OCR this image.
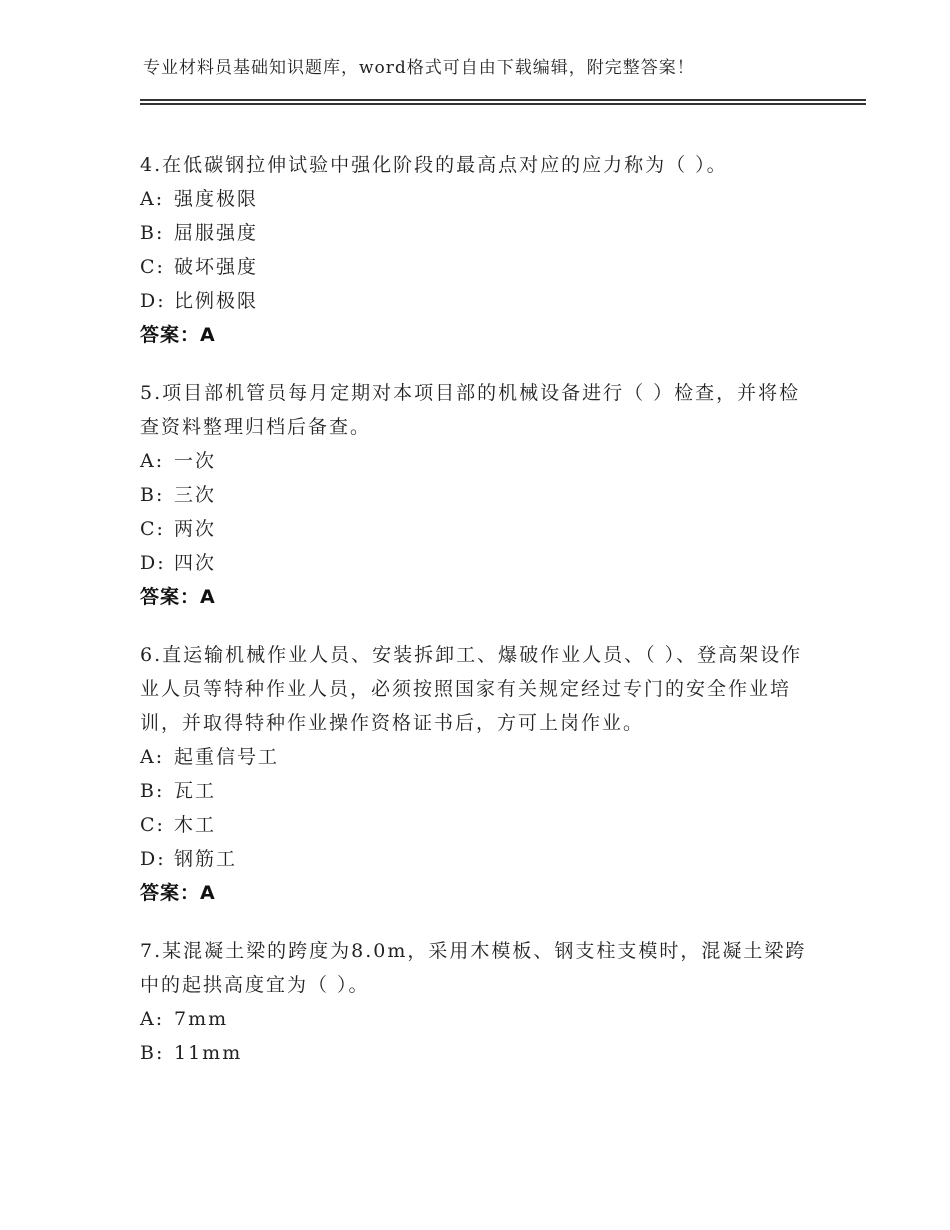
专业材料员基础知识题库，word格式可自由下载编辑，附完整答案！

4.在低碳钢拉伸试验中强化阶段的最高点对应的应力称为（ ）。

A: 强度极限
B: 屈服强度
C: 破坏强度
D: 比例极限
答案：A

5.项目部机管员每月定期对本项目部的机械设备进行（ ）检查，并将检查资料整理归档后备查。

A: 一次
B: 三次
C: 两次
D: 四次
答案：A

6.直运输机械作业人员、安装拆卸工、爆破作业人员、（ ）、登高架设作业人员等特种作业人员，必须按照国家有关规定经过专门的安全作业培训，并取得特种作业操作资格证书后，方可上岗作业。

A: 起重信号工
B: 瓦工
C: 木工
D: 钢筋工
答案：A

7.某混凝土梁的跨度为8.0m，采用木模板、钢支柱支模时，混凝土梁跨中的起拱高度宜为（ ）。

A: 7mm
B: 11mm
